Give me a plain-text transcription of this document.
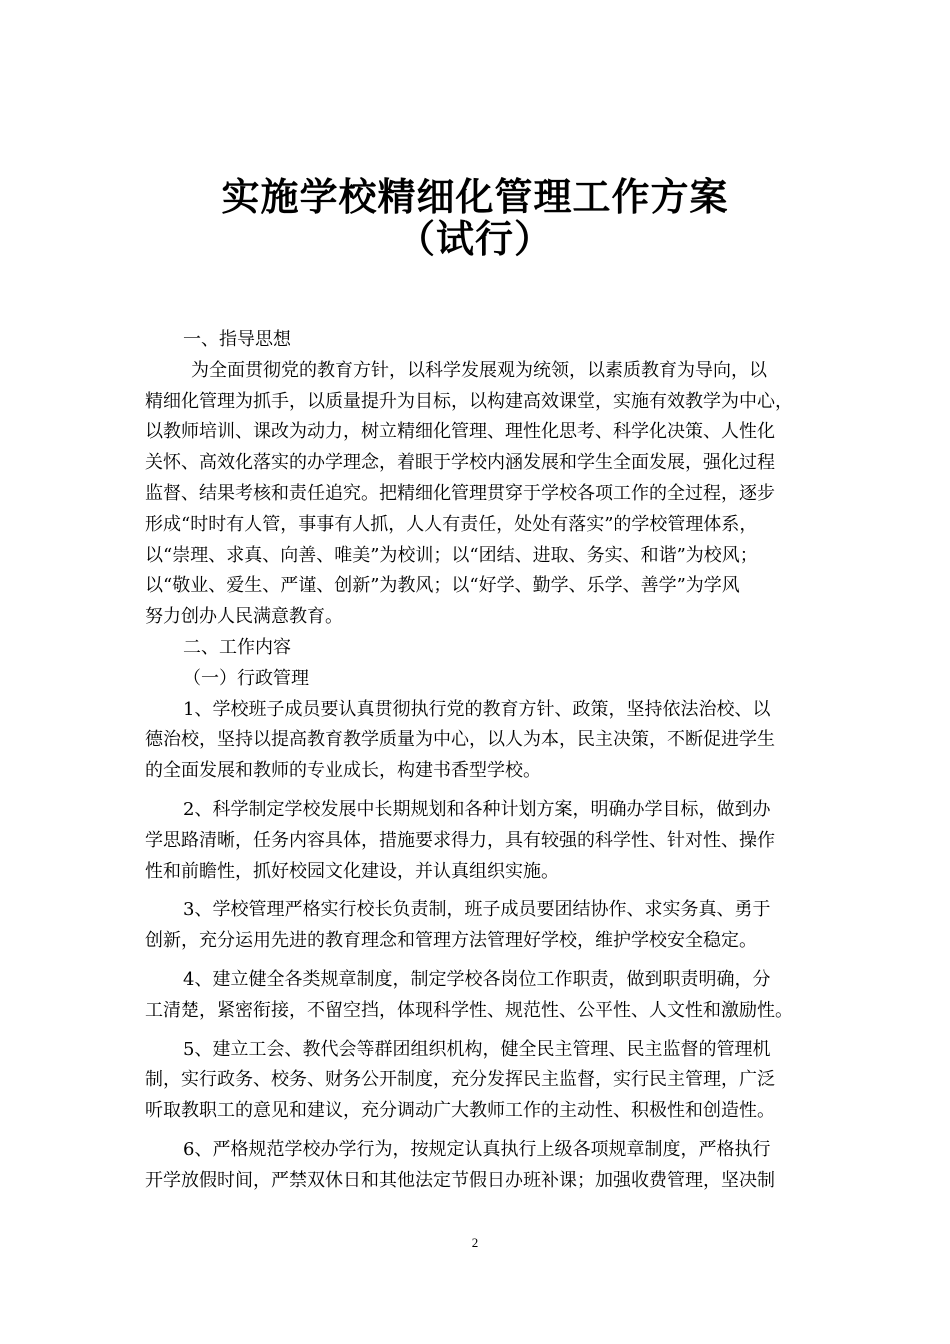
实施学校精细化管理工作方案
（试行）
一、指导思想
为全面贯彻党的教育方针，以科学发展观为统领，以素质教育为导向，以
精细化管理为抓手，以质量提升为目标，以构建高效课堂，实施有效教学为中心，
以教师培训、课改为动力，树立精细化管理、理性化思考、科学化决策、人性化
关怀、高效化落实的办学理念，着眼于学校内涵发展和学生全面发展，强化过程
监督、结果考核和责任追究。把精细化管理贯穿于学校各项工作的全过程，逐步
形成“时时有人管，事事有人抓，人人有责任，处处有落实”的学校管理体系，
以“崇理、求真、向善、唯美”为校训；以“团结、进取、务实、和谐”为校风；
以“敬业、爱生、严谨、创新”为教风；以“好学、勤学、乐学、善学”为学风
努力创办人民满意教育。
二、工作内容
（一）行政管理
1、学校班子成员要认真贯彻执行党的教育方针、政策，坚持依法治校、以
德治校，坚持以提高教育教学质量为中心，以人为本，民主决策，不断促进学生
的全面发展和教师的专业成长，构建书香型学校。
2、科学制定学校发展中长期规划和各种计划方案，明确办学目标，做到办
学思路清晰，任务内容具体，措施要求得力，具有较强的科学性、针对性、操作
性和前瞻性，抓好校园文化建设，并认真组织实施。
3、学校管理严格实行校长负责制，班子成员要团结协作、求实务真、勇于
创新，充分运用先进的教育理念和管理方法管理好学校，维护学校安全稳定。
4、建立健全各类规章制度，制定学校各岗位工作职责，做到职责明确，分
工清楚，紧密衔接，不留空挡，体现科学性、规范性、公平性、人文性和激励性。
5、建立工会、教代会等群团组织机构，健全民主管理、民主监督的管理机
制，实行政务、校务、财务公开制度，充分发挥民主监督，实行民主管理，广泛
听取教职工的意见和建议，充分调动广大教师工作的主动性、积极性和创造性。
6、严格规范学校办学行为，按规定认真执行上级各项规章制度，严格执行
开学放假时间，严禁双休日和其他法定节假日办班补课；加强收费管理，坚决制
2
